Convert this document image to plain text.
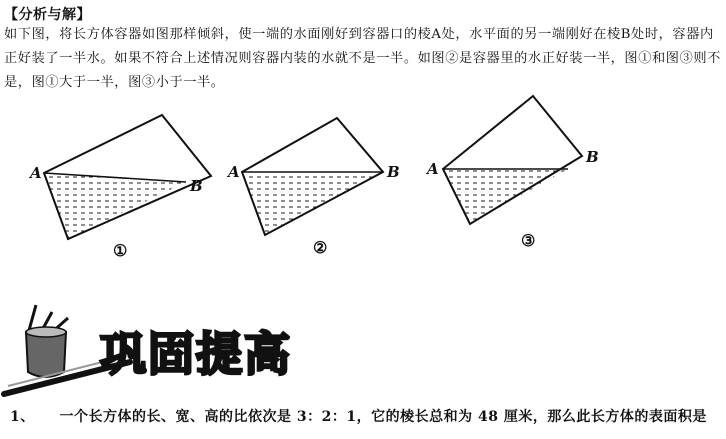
【分析与解】
如下图，将长方体容器如图那样倾斜，使一端的水面刚好到容器口的棱A处，水平面的另一端刚好在棱B处时，容器内正好装了一半水。如果不符合上述情况则容器内装的水就不是一半。如图②是容器里的水正好装一半，图①和图③则不是，图①大于一半，图③小于一半。
A
B
①
A	B
②
A
B
③
巩固提高
1、 一个长方体的长、宽、高的比依次是 3：2：1，它的棱长总和为 48 厘米，那么此长方体的表面积是
